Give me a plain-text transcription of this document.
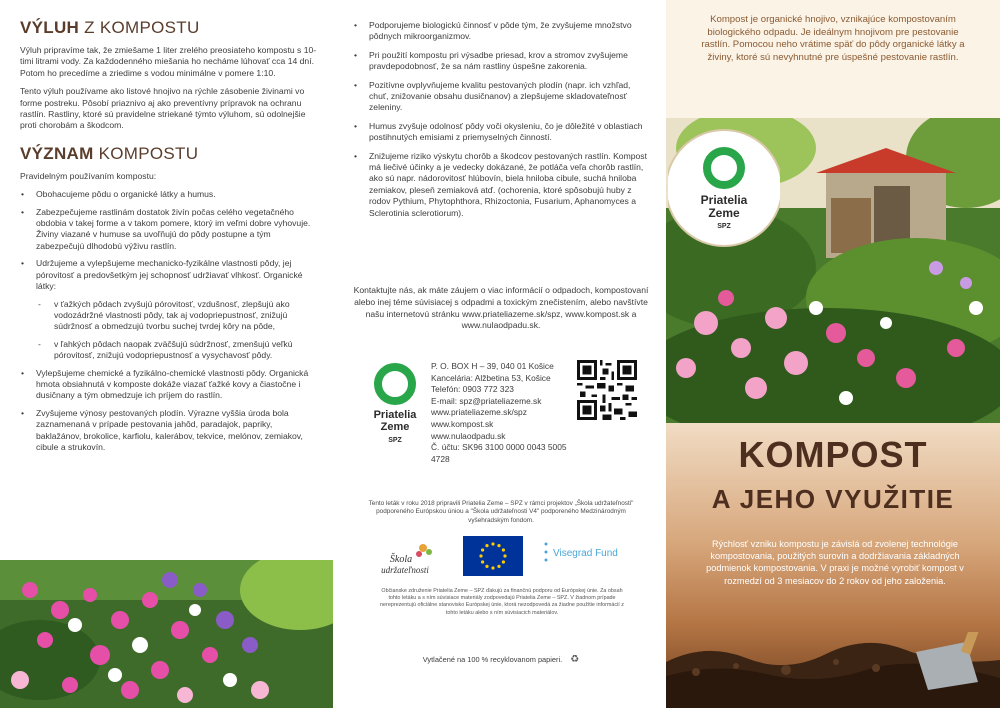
VÝLUH Z KOMPOSTU

Výluh pripravíme tak, že zmiešame 1 liter zrelého preosiateho kompostu s 10-timi litrami vody. Za každodenného miešania ho necháme lúhovať cca 14 dní. Potom ho precedíme a zriedime s vodou minimálne v pomere 1:10.

Tento výluh používame ako listové hnojivo na rýchle zásobenie živinami vo forme postreku. Pôsobí priaznivo aj ako preventívny prípravok na ochranu rastlín. Rastliny, ktoré sú pravidelne striekané týmto výluhom, sú odolnejšie proti chorobám a škodcom.

VÝZNAM KOMPOSTU

Pravidelným používaním kompostu:

• Obohacujeme pôdu o organické látky a humus.
• Zabezpečujeme rastlinám dostatok živín počas celého vegetačného obdobia v takej forme a v takom pomere, ktorý im veľmi dobre vyhovuje. Živiny viazané v humuse sa uvoľňujú do pôdy postupne a tým zabezpečujú dlhodobú výživu rastlín.
• Udržujeme a vylepšujeme mechanicko-fyzikálne vlastnosti pôdy, jej pórovitosť a predovšetkým jej schopnosť udržiavať vlhkosť. Organické látky:
- v ťažkých pôdach zvyšujú pórovitosť, vzdušnosť, zlepšujú ako vodozádržné vlastnosti pôdy, tak aj vodopriepustnosť, znižujú súdržnosť a obmedzujú tvorbu suchej tvrdej kôry na pôde,
- v ľahkých pôdach naopak zväčšujú súdržnosť, zmenšujú veľkú pórovitosť, znižujú vodopriepustnosť a vysychavosť pôdy.
• Vylepšujeme chemické a fyzikálno-chemické vlastnosti pôdy. Organická hmota obsiahnutá v komposte dokáže viazať ťažké kovy a čiastočne i dusičnany a tým obmedzuje ich príjem do rastlín.
• Zvyšujeme výnosy pestovaných plodín. Výrazne vyššia úroda bola zaznamenaná v prípade pestovania jahôd, paradajok, papriky, baklažánov, brokolice, karfiolu, kalerábov, tekvice, melónov, zemiakov, cibule a strukovín.
• Podporujeme biologickú činnosť v pôde tým, že zvyšujeme množstvo pôdnych mikroorganizmov.
• Pri použití kompostu pri výsadbe priesad, krov a stromov zvyšujeme pravdepodobnosť, že sa nám rastliny úspešne zakorenia.
• Pozitívne ovplyvňujeme kvalitu pestovaných plodín (napr. ich vzhľad, chuť, znižovanie obsahu dusičnanov) a zlepšujeme skladovateľnosť zeleniny.
• Humus zvyšuje odolnosť pôdy voči okysleniu, čo je dôležité v oblastiach postihnutých emisiami z priemyselných činností.
• Znižujeme riziko výskytu chorôb a škodcov pestovaných rastlín. Kompost má liečivé účinky a je vedecky dokázané, že potláča veľa chorôb rastlín, ako sú napr. nádorovitosť hlúbovín, biela hniloba cibule, suchá hniloba zemiakov, pleseň zemiaková atď. (ochorenia, ktoré spôsobujú huby z rodov Pythium, Phytophthora, Rhizoctonia, Fusarium, Aphanomyces a Sclerotinia sclerotiorum).

Kontaktujte nás, ak máte záujem o viac informácií o odpadoch, kompostovaní alebo inej téme súvisiacej s odpadmi a toxickým znečistením, alebo navštívte našu internetovú stránku www.priateliazeme.sk/spz, www.kompost.sk a www.nulaodpadu.sk.

Priatelia
Zeme
SPZ
P. O. BOX H – 39, 040 01 Košice
Kancelária: Alžbetina 53, Košice
Telefón: 0903 772 323
E-mail: spz@priateliazeme.sk
www.priateliazeme.sk/spz
www.kompost.sk
www.nulaodpadu.sk
Č. účtu: SK96 3100 0000 0043 5005 4728

Tento leták v roku 2018 pripravili Priatelia Zeme – SPZ v rámci projektov „Škola udržateľnosti" podporeného Európskou úniou a "Škola udržateľnosti V4" podporeného Medzinárodným vyšehradským fondom.

Škola
udržateľnosti
Visegrad Fund

Občianske združenie Priatelia Zeme – SPZ ďakujú za finančnú podporu od Európskej únie. Za obsah tohto letáku a s ním súvisiace materiály zodpovedajú Priatelia Zeme – SPZ. V žiadnom prípade nereprezentujú oficiálne stanovisko Európskej únie, ktorá nezodpovedá za žiadne použitie informácií z tohto letáku alebo s ním súvisiacich materiálov.

Vytlačené na 100 % recyklovanom papieri. ♻

Kompost je organické hnojivo, vznikajúce kompostovaním biologického odpadu. Je ideálnym hnojivom pre pestovanie rastlín. Pomocou neho vrátime späť do pôdy organické látky a živiny, ktoré sú nevyhnutné pre úspešné pestovanie rastlín.
Priatelia
Zeme
SPZ
KOMPOST
A JEHO VYUŽITIE

Rýchlosť vzniku kompostu je závislá od zvolenej technológie kompostovania, použitých surovín a dodržiavania základných podmienok kompostovania. V praxi je možné vyrobiť kompost v rozmedzí od 3 mesiacov do 2 rokov od jeho založenia.
